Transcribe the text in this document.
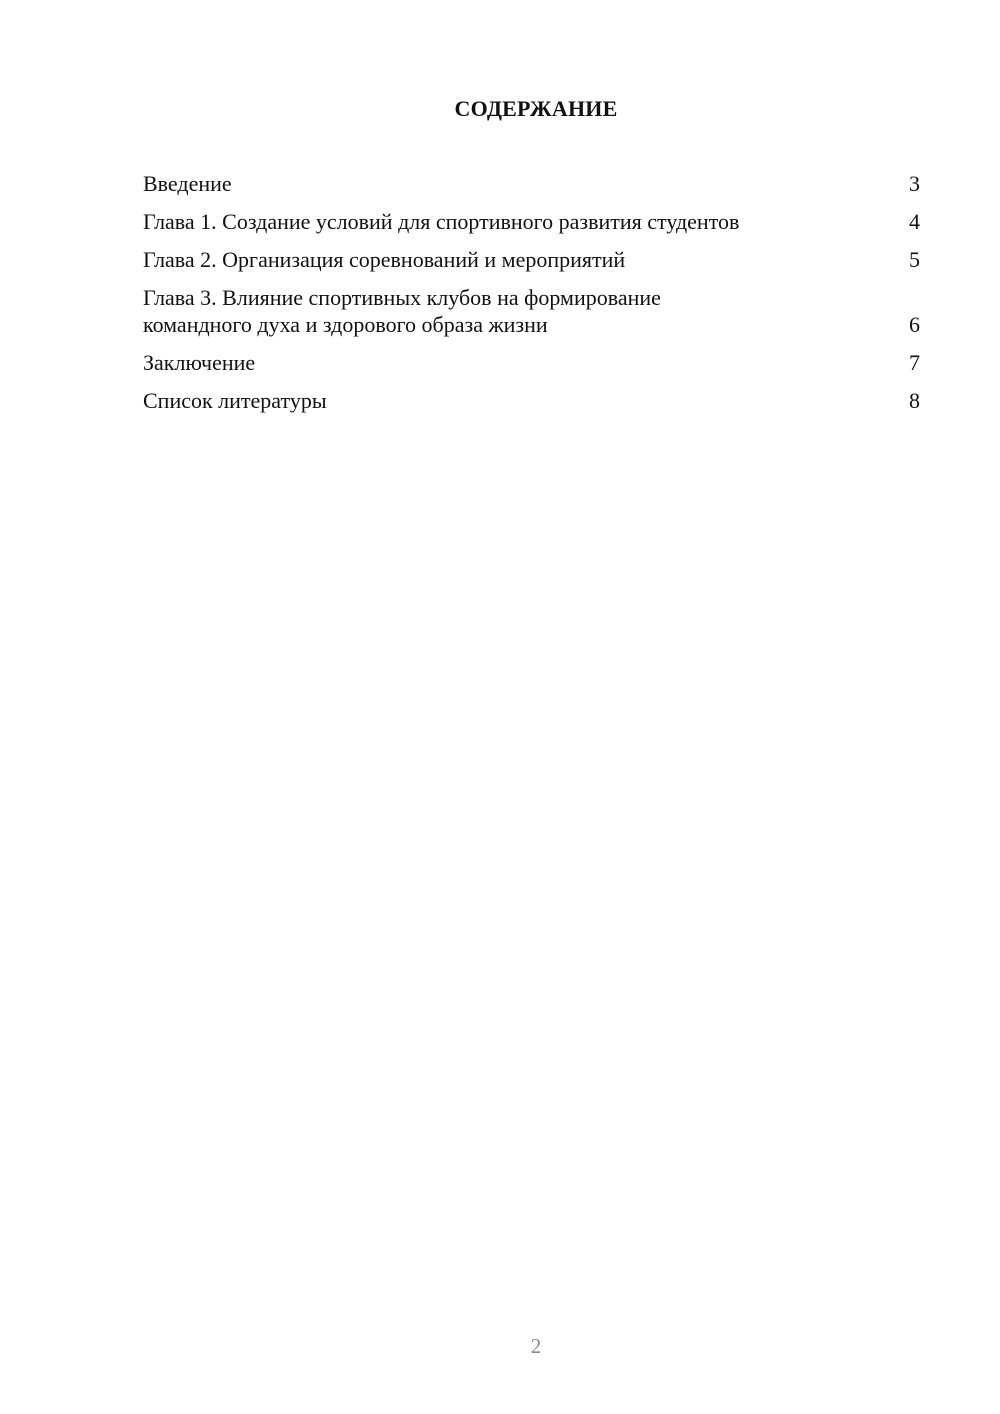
СОДЕРЖАНИЕ
Введение	3
Глава 1. Создание условий для спортивного развития студентов	4
Глава 2. Организация соревнований и мероприятий	5
Глава 3. Влияние спортивных клубов на формирование командного духа и здорового образа жизни	6
Заключение	7
Список литературы	8
2
